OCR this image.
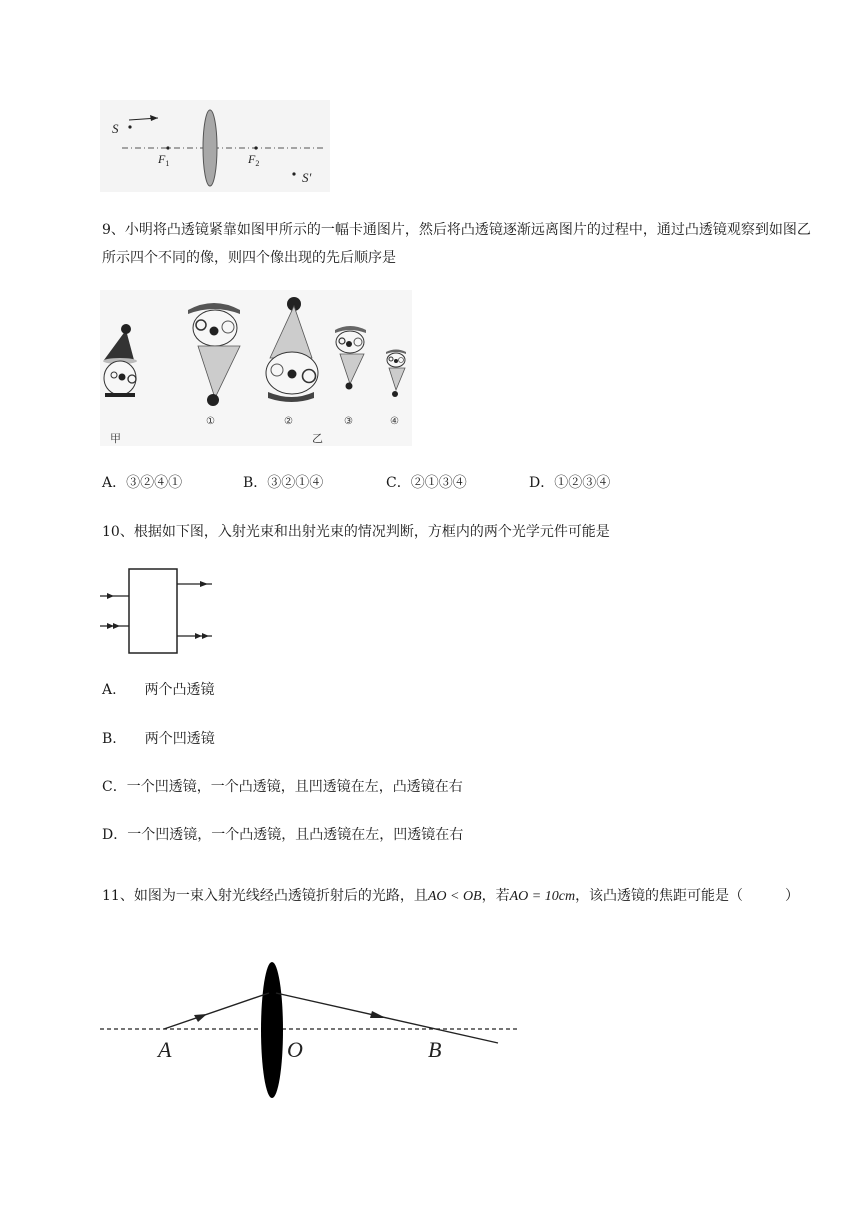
S
$F_1$	$F_2$
S′
9、小明将凸透镜紧靠如图甲所示的一幅卡通图片，然后将凸透镜逐渐远离图片的过程中，通过凸透镜观察到如图乙所示四个不同的像，则四个像出现的先后顺序是
①	②	③	④
甲	乙
A．③②④①	B．③②①④	C．②①③④	D．①②③④
10、根据如下图，入射光束和出射光束的情况判断，方框内的两个光学元件可能是
A.　　两个凸透镜
B.　　两个凹透镜
C．一个凹透镜，一个凸透镜，且凹透镜在左，凸透镜在右
D．一个凹透镜，一个凸透镜，且凸透镜在左，凹透镜在右
11、如图为一束入射光线经凸透镜折射后的光路，且AO < OB，若AO = 10cm，该凸透镜的焦距可能是（　　　）
A	O	B
